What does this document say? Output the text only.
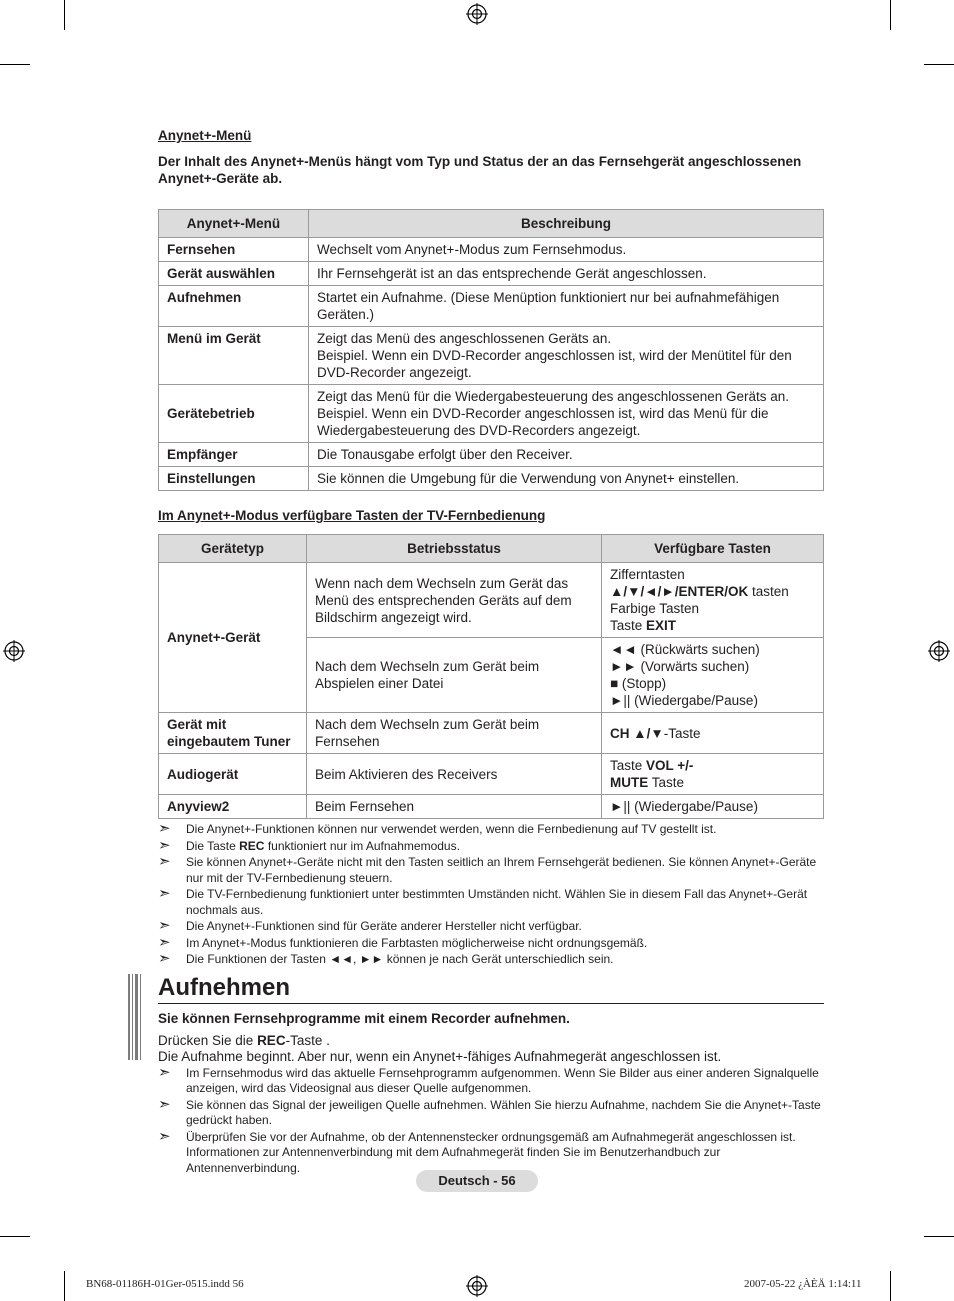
Anynet+-Menü

Der Inhalt des Anynet+-Menüs hängt vom Typ und Status der an das Fernsehgerät angeschlossenen Anynet+-Geräte ab.

Anynet+-Menü	Beschreibung
Fernsehen	Wechselt vom Anynet+-Modus zum Fernsehmodus.

Gerät auswählen	Ihr Fernsehgerät ist an das entsprechende Gerät angeschlossen.

Aufnehmen	Startet ein Aufnahme. (Diese Menüption funktioniert nur bei aufnahmefähigen Geräten.)

Menü im Gerät	Zeigt das Menü des angeschlossenen Geräts an.
Beispiel. Wenn ein DVD-Recorder angeschlossen ist, wird der Menütitel für den DVD-Recorder angezeigt.

Gerätebetrieb	Zeigt das Menü für die Wiedergabesteuerung des angeschlossenen Geräts an.
Beispiel. Wenn ein DVD-Recorder angeschlossen ist, wird das Menü für die Wiedergabesteuerung des DVD-Recorders angezeigt.

Empfänger	Die Tonausgabe erfolgt über den Receiver.

Einstellungen	Sie können die Umgebung für die Verwendung von Anynet+ einstellen.

Im Anynet+-Modus verfügbare Tasten der TV-Fernbedienung

Gerätetyp	Betriebsstatus	Verfügbare Tasten
Anynet+-Gerät	Wenn nach dem Wechseln zum Gerät das Menü des entsprechenden Geräts auf dem Bildschirm angezeigt wird.	Zifferntasten
▲/▼/◄/►/ENTER/OK tasten
Farbige Tasten
Taste EXIT

	Nach dem Wechseln zum Gerät beim Abspielen einer Datei	◄◄ (Rückwärts suchen)
►► (Vorwärts suchen)
■ (Stopp)
►|| (Wiedergabe/Pause)

Gerät mit eingebautem Tuner	Nach dem Wechseln zum Gerät beim Fernsehen	CH ▲/▼-Taste
Audiogerät	Beim Aktivieren des Receivers	Taste VOL +/-
MUTE Taste

Anyview2	Beim Fernsehen	►|| (Wiedergabe/Pause)
➣ Die Anynet+-Funktionen können nur verwendet werden, wenn die Fernbedienung auf TV gestellt ist.
➣ Die Taste REC funktioniert nur im Aufnahmemodus.
➣ Sie können Anynet+-Geräte nicht mit den Tasten seitlich an Ihrem Fernsehgerät bedienen. Sie können Anynet+-Geräte nur mit der TV-Fernbedienung steuern.
➣ Die TV-Fernbedienung funktioniert unter bestimmten Umständen nicht. Wählen Sie in diesem Fall das Anynet+-Gerät nochmals aus.
➣ Die Anynet+-Funktionen sind für Geräte anderer Hersteller nicht verfügbar.
➣ Im Anynet+-Modus funktionieren die Farbtasten möglicherweise nicht ordnungsgemäß.
➣ Die Funktionen der Tasten ◄◄, ►► können je nach Gerät unterschiedlich sein.
Aufnehmen

Sie können Fernsehprogramme mit einem Recorder aufnehmen.

Drücken Sie die REC-Taste .
Die Aufnahme beginnt. Aber nur, wenn ein Anynet+-fähiges Aufnahmegerät angeschlossen ist.

➣ Im Fernsehmodus wird das aktuelle Fernsehprogramm aufgenommen. Wenn Sie Bilder aus einer anderen Signalquelle anzeigen, wird das Videosignal aus dieser Quelle aufgenommen.
➣ Sie können das Signal der jeweiligen Quelle aufnehmen. Wählen Sie hierzu Aufnahme, nachdem Sie die Anynet+-Taste gedrückt haben.
➣ Überprüfen Sie vor der Aufnahme, ob der Antennenstecker ordnungsgemäß am Aufnahmegerät angeschlossen ist.
Informationen zur Antennenverbindung mit dem Aufnahmegerät finden Sie im Benutzerhandbuch zur Antennenverbindung.
Deutsch - 56
BN68-01186H-01Ger-0515.indd 56	2007-05-22 ¿ÀÈÄ 1:14:11
